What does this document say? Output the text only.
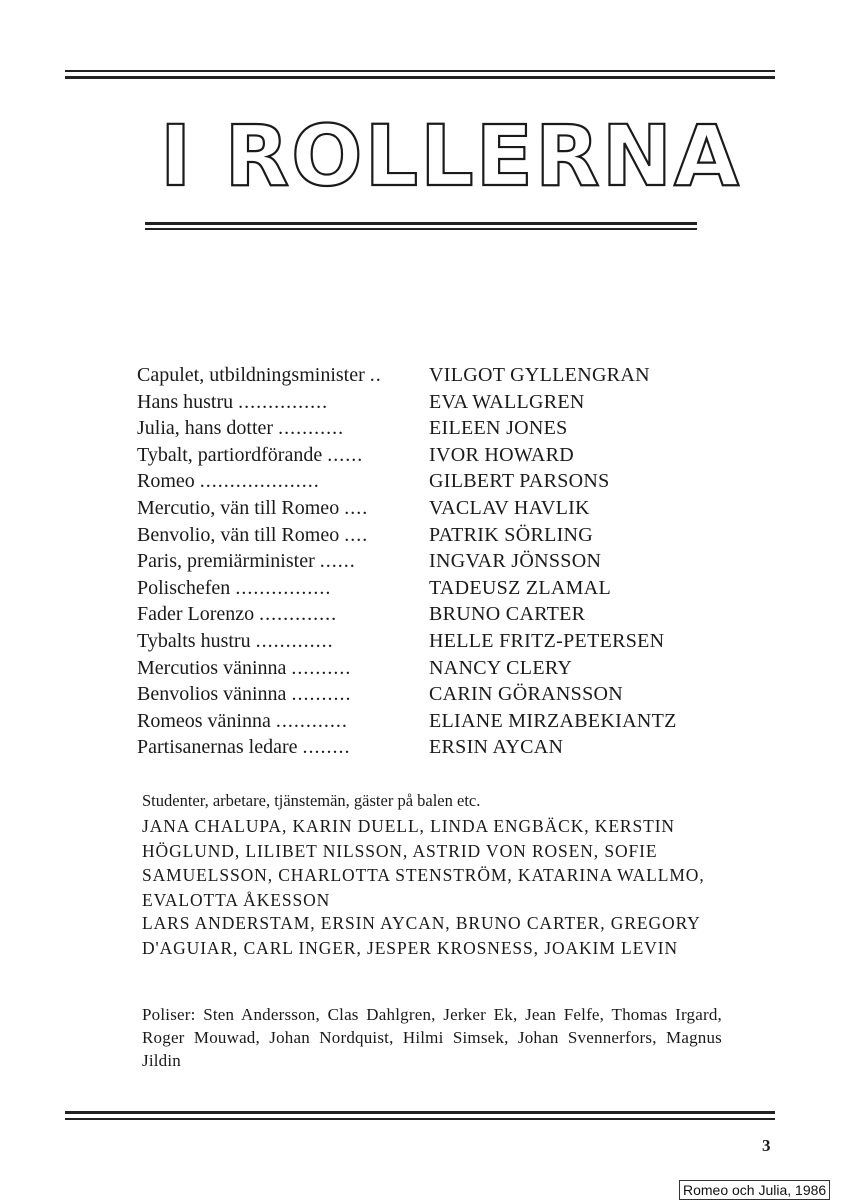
I ROLLERNA
Capulet, utbildningsminister ..	VILGOT GYLLENGRAN
Hans hustru ...............	EVA WALLGREN
Julia, hans dotter ...........	EILEEN JONES
Tybalt, partiordförande ......	IVOR HOWARD
Romeo ....................	GILBERT PARSONS
Mercutio, vän till Romeo ....	VACLAV HAVLIK
Benvolio, vän till Romeo ....	PATRIK SÖRLING
Paris, premiärminister ......	INGVAR JÖNSSON
Polischefen ................	TADEUSZ ZLAMAL
Fader Lorenzo .............	BRUNO CARTER
Tybalts hustru .............	HELLE FRITZ-PETERSEN
Mercutios väninna ..........	NANCY CLERY
Benvolios väninna ..........	CARIN GÖRANSSON
Romeos väninna ............	ELIANE MIRZABEKIANTZ
Partisanernas ledare ........	ERSIN AYCAN
Studenter, arbetare, tjänstemän, gäster på balen etc.
JANA CHALUPA, KARIN DUELL, LINDA ENGBÄCK, KERSTIN HÖGLUND, LILIBET NILSSON, ASTRID VON ROSEN, SOFIE SAMUELSSON, CHARLOTTA STENSTRÖM, KATARINA WALLMO, EVALOTTA ÅKESSON
LARS ANDERSTAM, ERSIN AYCAN, BRUNO CARTER, GREGORY D'AGUIAR, CARL INGER, JESPER KROSNESS, JOAKIM LEVIN
Poliser: Sten Andersson, Clas Dahlgren, Jerker Ek, Jean Felfe, Thomas Irgard, Roger Mouwad, Johan Nordquist, Hilmi Simsek, Johan Svennerfors, Magnus Jildin
3
Romeo och Julia, 1986
